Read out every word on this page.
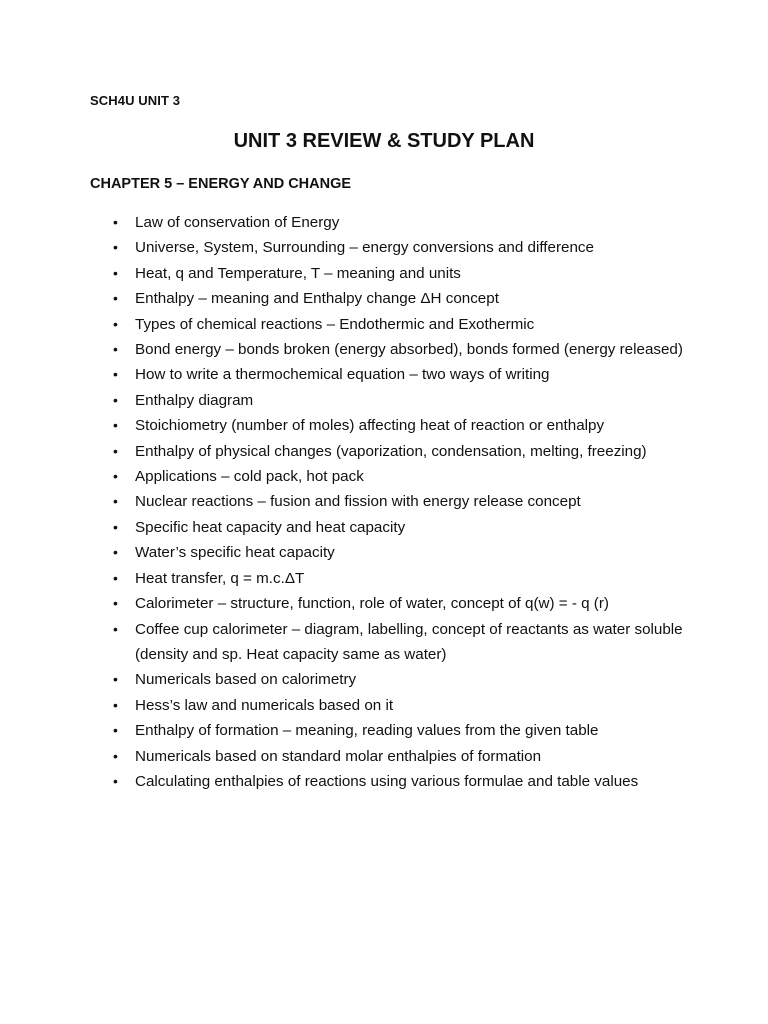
SCH4U UNIT 3
UNIT 3 REVIEW & STUDY PLAN
CHAPTER 5 – ENERGY AND CHANGE
• Law of conservation of Energy
• Universe, System, Surrounding – energy conversions and difference
• Heat, q and Temperature, T – meaning and units
• Enthalpy – meaning and Enthalpy change ΔH concept
• Types of chemical reactions – Endothermic and Exothermic
• Bond energy – bonds broken (energy absorbed), bonds formed (energy released)
• How to write a thermochemical equation – two ways of writing
• Enthalpy diagram
• Stoichiometry (number of moles) affecting heat of reaction or enthalpy
• Enthalpy of physical changes (vaporization, condensation, melting, freezing)
• Applications – cold pack, hot pack
• Nuclear reactions – fusion and fission with energy release concept
• Specific heat capacity and heat capacity
• Water’s specific heat capacity
• Heat transfer, q = m.c.ΔT
• Calorimeter – structure, function, role of water, concept of q(w) = - q (r)
• Coffee cup calorimeter – diagram, labelling, concept of reactants as water soluble (density and sp. Heat capacity same as water)
• Numericals based on calorimetry
• Hess’s law and numericals based on it
• Enthalpy of formation – meaning, reading values from the given table
• Numericals based on standard molar enthalpies of formation
• Calculating enthalpies of reactions using various formulae and table values
